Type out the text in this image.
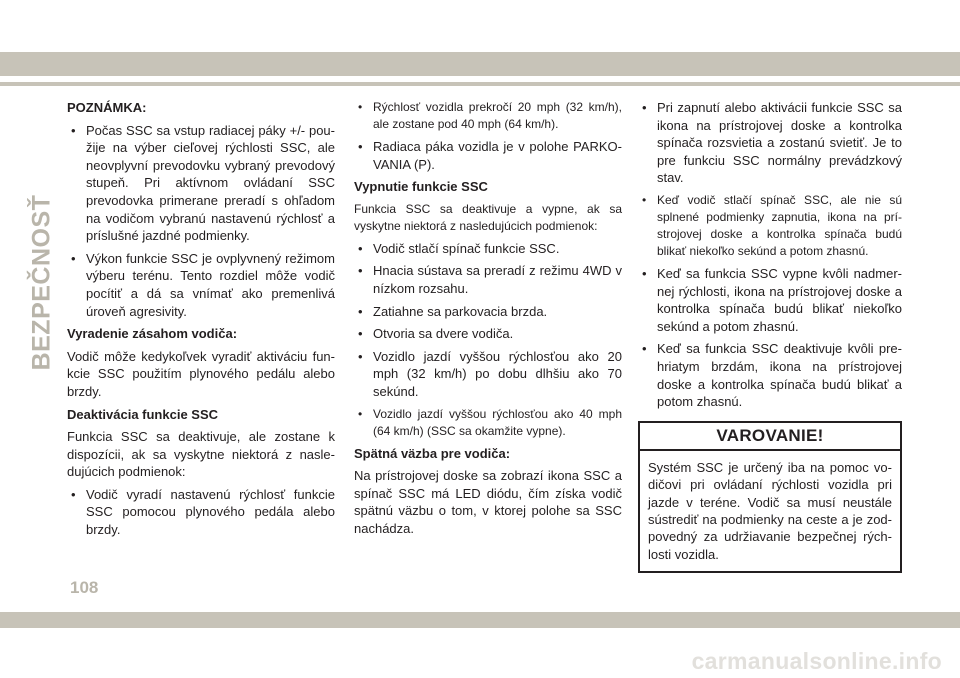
BEZPEČNOSŤ
POZNÁMKA:
• Počas SSC sa vstup radiacej páky +/- použije na výber cieľovej rýchlosti SSC, ale neovplyvní prevodovku vybraný prevodový stupeň. Pri aktívnom ovládaní SSC prevodovka primerane preradí s ohľadom na vodičom vybranú nastavenú rýchlosť a príslušné jazdné podmienky.
• Výkon funkcie SSC je ovplyvnený režimom výberu terénu. Tento rozdiel môže vodič pocítiť a dá sa vnímať ako premenlivá úroveň agresivity.
Vyradenie zásahom vodiča:

Vodič môže kedykoľvek vyradiť aktiváciu funkcie SSC použitím plynového pedálu alebo brzdy.

Deaktivácia funkcie SSC

Funkcia SSC sa deaktivuje, ale zostane k dispozícii, ak sa vyskytne niektorá z nasledujúcich podmienok:

• Vodič vyradí nastavenú rýchlosť funkcie SSC pomocou plynového pedála alebo brzdy.
• Rýchlosť vozidla prekročí 20 mph (32 km/h), ale zostane pod 40 mph (64 km/h).
• Radiaca páka vozidla je v polohe PARKOVANIA (P).
Vypnutie funkcie SSC

Funkcia SSC sa deaktivuje a vypne, ak sa vyskytne niektorá z nasledujúcich podmienok:

• Vodič stlačí spínač funkcie SSC.
• Hnacia sústava sa preradí z režimu 4WD v nízkom rozsahu.
• Zatiahne sa parkovacia brzda.
• Otvoria sa dvere vodiča.
• Vozidlo jazdí vyššou rýchlosťou ako 20 mph (32 km/h) po dobu dlhšiu ako 70 sekúnd.
• Vozidlo jazdí vyššou rýchlosťou ako 40 mph (64 km/h) (SSC sa okamžite vypne).
Spätná väzba pre vodiča:

Na prístrojovej doske sa zobrazí ikona SSC a spínač SSC má LED diódu, čím získa vodič spätnú väzbu o tom, v ktorej polohe sa SSC nachádza.

• Pri zapnutí alebo aktivácii funkcie SSC sa ikona na prístrojovej doske a kontrolka spínača rozsvietia a zostanú svietiť. Je to pre funkciu SSC normálny prevádzkový stav.
• Keď vodič stlačí spínač SSC, ale nie sú splnené podmienky zapnutia, ikona na prístrojovej doske a kontrolka spínača budú blikať niekoľko sekúnd a potom zhasnú.
• Keď sa funkcia SSC vypne kvôli nadmernej rýchlosti, ikona na prístrojovej doske a kontrolka spínača budú blikať niekoľko sekúnd a potom zhasnú.
• Keď sa funkcia SSC deaktivuje kvôli prehriatym brzdám, ikona na prístrojovej doske a kontrolka spínača budú blikať a potom zhasnú.
VAROVANIE!
Systém SSC je určený iba na pomoc vodičovi pri ovládaní rýchlosti vozidla pri jazde v teréne. Vodič sa musí neustále sústrediť na podmienky na ceste a je zodpovedný za udržiavanie bezpečnej rýchlosti vozidla.
108
carmanualsonline.info
